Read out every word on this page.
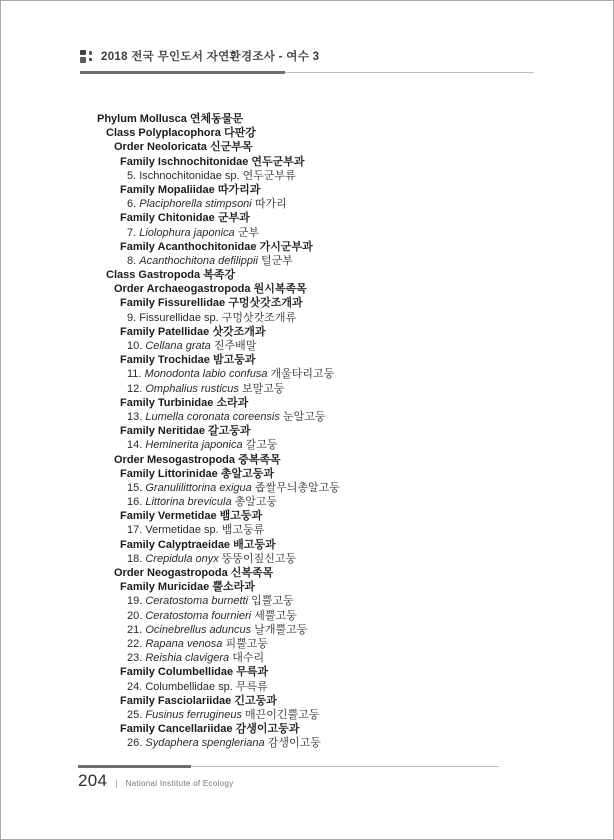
2018 전국 무인도서 자연환경조사 - 여수 3
Phylum Mollusca 연체동물문
Class Polyplacophora 다판강
Order Neoloricata 신군부목
Family Ischnochitonidae 연두군부과
5. Ischnochitonidae sp. 연두군부류
Family Mopaliidae 따가리과
6. Placiphorella stimpsoni 따가리
Family Chitonidae 군부과
7. Liolophura japonica 군부
Family Acanthochitonidae 가시군부과
8. Acanthochitona defilippii 털군부
Class Gastropoda 복족강
Order Archaeogastropoda 원시복족목
Family Fissurellidae 구멍삿갓조개과
9. Fissurellidae sp. 구멍삿갓조개류
Family Patellidae 삿갓조개과
10. Cellana grata 진주배말
Family Trochidae 밤고둥과
11. Monodonta labio confusa 개울타리고둥
12. Omphalius rusticus 보말고둥
Family Turbinidae 소라과
13. Lumella coronata coreensis 눈알고둥
Family Neritidae 갈고둥과
14. Heminerita japonica 갈고둥
Order Mesogastropoda 중복족목
Family Littorinidae 총알고둥과
15. Granulilittorina exigua 좁쌀무늬총알고둥
16. Littorina brevicula 총알고둥
Family Vermetidae 뱀고둥과
17. Vermetidae sp. 뱀고둥류
Family Calyptraeidae 배고둥과
18. Crepidula onyx 뚱뚱이짚신고둥
Order Neogastropoda 신복족목
Family Muricidae 뿔소라과
19. Ceratostoma burnetti 입뿔고둥
20. Ceratostoma fournieri 세뿔고둥
21. Ocinebrellus aduncus 날개뿔고둥
22. Rapana venosa 피뿔고둥
23. Reishia clavigera 대수리
Family Columbellidae 무륵과
24. Columbellidae sp. 무륵류
Family Fasciolariidae 긴고둥과
25. Fusinus ferrugineus 매끈이긴뿔고둥
Family Cancellariidae 감생이고둥과
26. Sydaphera spengleriana 감생이고둥
204 | National Institute of Ecology
